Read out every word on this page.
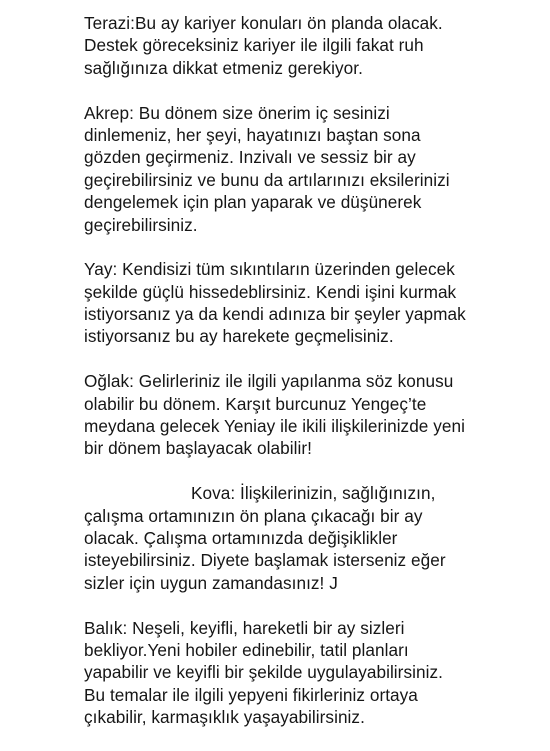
Terazi:Bu ay kariyer konuları ön planda olacak.
Destek göreceksiniz kariyer ile ilgili fakat ruh
sağlığınıza dikkat etmeniz gerekiyor.
Akrep: Bu dönem size önerim iç sesinizi
dinlemeniz, her şeyi, hayatınızı baştan sona
gözden geçirmeniz. Inzivalı ve sessiz bir ay
geçirebilirsiniz ve bunu da artılarınızı eksilerinizi
dengelemek için plan yaparak ve düşünerek
geçirebilirsiniz.
Yay: Kendisizi tüm sıkıntıların üzerinden gelecek
şekilde güçlü hissedeblirsiniz. Kendi işini kurmak
istiyorsanız ya da kendi adınıza bir şeyler yapmak
istiyorsanız bu ay harekete geçmelisiniz.
Oğlak: Gelirleriniz ile ilgili yapılanma söz konusu
olabilir bu dönem. Karşıt burcunuz Yengeç’te
meydana gelecek Yeniay ile ikili ilişkilerinizde yeni
bir dönem başlayacak olabilir!
Kova: İlişkilerinizin, sağlığınızın,
çalışma ortamınızın ön plana çıkacağı bir ay
olacak. Çalışma ortamınızda değişiklikler
isteyebilirsiniz. Diyete başlamak isterseniz eğer
sizler için uygun zamandasınız! J
Balık: Neşeli, keyifli, hareketli bir ay sizleri
bekliyor.Yeni hobiler edinebilir, tatil planları
yapabilir ve keyifli bir şekilde uygulayabilirsiniz.
Bu temalar ile ilgili yepyeni fikirleriniz ortaya
çıkabilir, karmaşıklık yaşayabilirsiniz.
